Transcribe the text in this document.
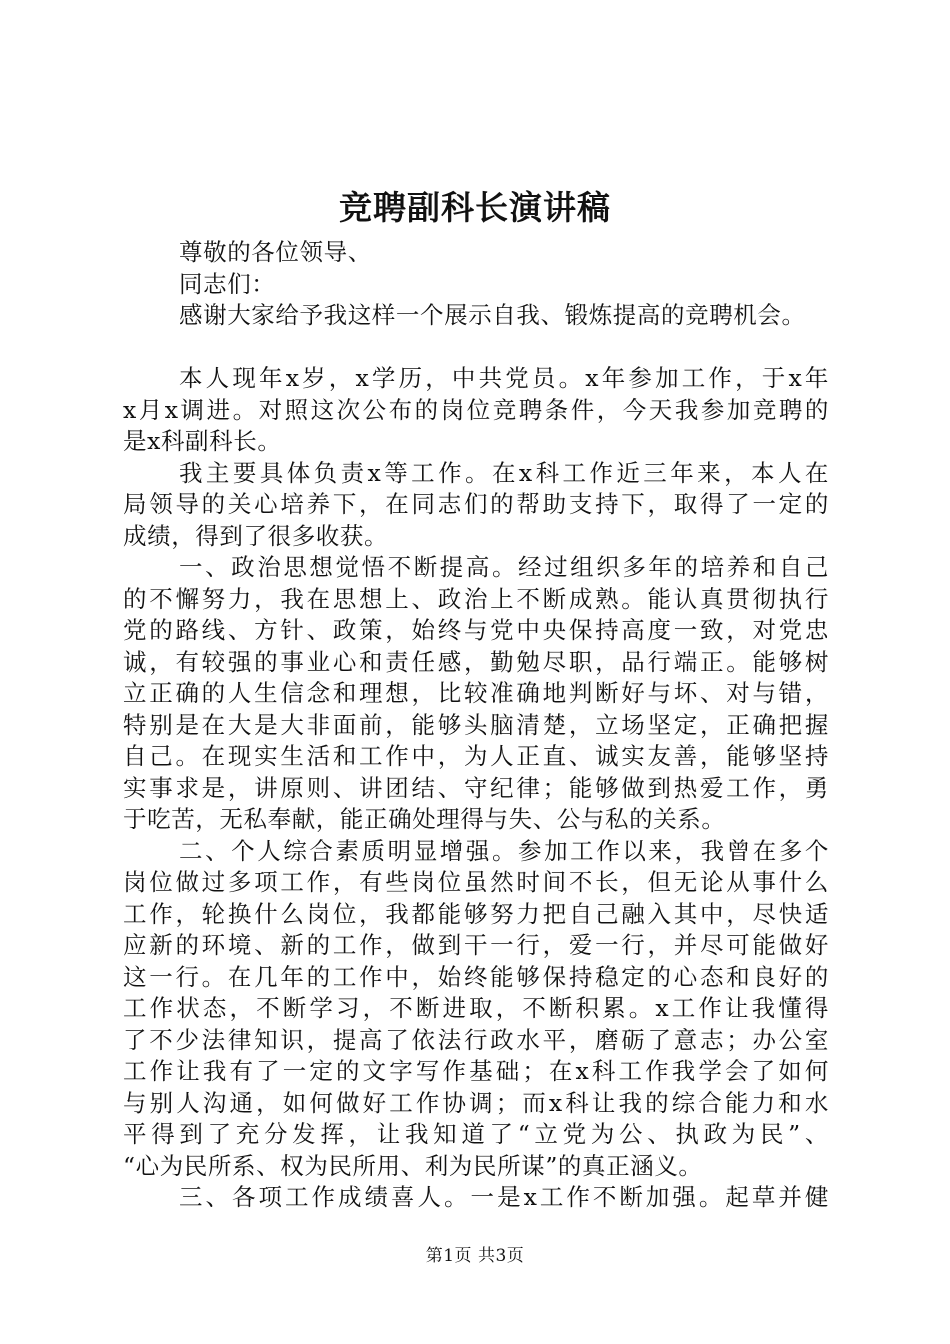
竞聘副科长演讲稿
尊敬的各位领导、
同志们：
感谢大家给予我这样一个展示自我、锻炼提高的竞聘机会。
本人现年x岁，x学历，中共党员。x年参加工作，于x年
x月x调进。对照这次公布的岗位竞聘条件，今天我参加竞聘的
是x科副科长。
我主要具体负责x等工作。在x科工作近三年来，本人在
局领导的关心培养下，在同志们的帮助支持下，取得了一定的
成绩，得到了很多收获。
一、政治思想觉悟不断提高。经过组织多年的培养和自己
的不懈努力，我在思想上、政治上不断成熟。能认真贯彻执行
党的路线、方针、政策，始终与党中央保持高度一致，对党忠
诚，有较强的事业心和责任感，勤勉尽职，品行端正。能够树
立正确的人生信念和理想，比较准确地判断好与坏、对与错，
特别是在大是大非面前，能够头脑清楚，立场坚定，正确把握
自己。在现实生活和工作中，为人正直、诚实友善，能够坚持
实事求是，讲原则、讲团结、守纪律；能够做到热爱工作，勇
于吃苦，无私奉献，能正确处理得与失、公与私的关系。
二、个人综合素质明显增强。参加工作以来，我曾在多个
岗位做过多项工作，有些岗位虽然时间不长，但无论从事什么
工作，轮换什么岗位，我都能够努力把自己融入其中，尽快适
应新的环境、新的工作，做到干一行，爱一行，并尽可能做好
这一行。在几年的工作中，始终能够保持稳定的心态和良好的
工作状态，不断学习，不断进取，不断积累。x工作让我懂得
了不少法律知识，提高了依法行政水平，磨砺了意志；办公室
工作让我有了一定的文字写作基础；在x科工作我学会了如何
与别人沟通，如何做好工作协调；而x科让我的综合能力和水
平得到了充分发挥，让我知道了“立党为公、执政为民”、
“心为民所系、权为民所用、利为民所谋”的真正涵义。
三、各项工作成绩喜人。一是x工作不断加强。起草并健
第1页 共3页
